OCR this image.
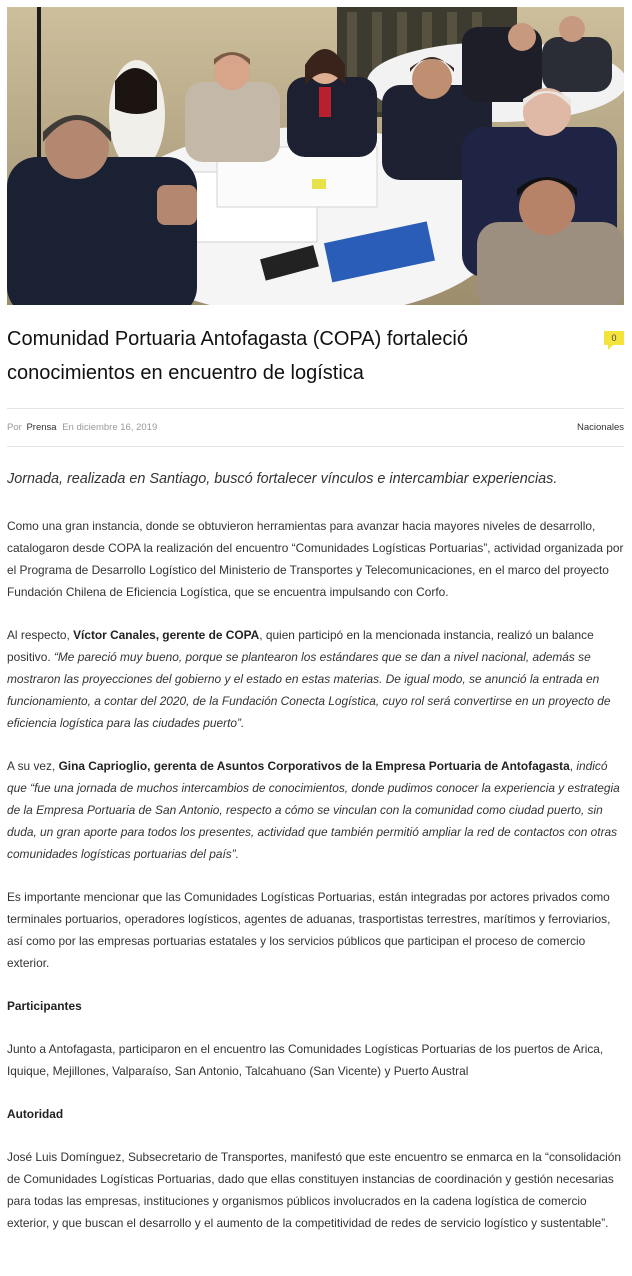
Comunidad Portuaria Antofagasta (COPA) fortaleció conocimientos en encuentro de logística
0
Por Prensa En diciembre 16, 2019	Nacionales

Jornada, realizada en Santiago, buscó fortalecer vínculos e intercambiar experiencias.

Como una gran instancia, donde se obtuvieron herramientas para avanzar hacia mayores niveles de desarrollo, catalogaron desde COPA la realización del encuentro “Comunidades Logísticas Portuarias”, actividad organizada por el Programa de Desarrollo Logístico del Ministerio de Transportes y Telecomunicaciones, en el marco del proyecto Fundación Chilena de Eficiencia Logística, que se encuentra impulsando con Corfo.

Al respecto, Víctor Canales, gerente de COPA, quien participó en la mencionada instancia, realizó un balance positivo. “Me pareció muy bueno, porque se plantearon los estándares que se dan a nivel nacional, además se mostraron las proyecciones del gobierno y el estado en estas materias. De igual modo, se anunció la entrada en funcionamiento, a contar del 2020, de la Fundación Conecta Logística, cuyo rol será convertirse en un proyecto de eficiencia logística para las ciudades puerto”.

A su vez, Gina Caprioglio, gerenta de Asuntos Corporativos de la Empresa Portuaria de Antofagasta, indicó que “fue una jornada de muchos intercambios de conocimientos, donde pudimos conocer la experiencia y estrategia de la Empresa Portuaria de San Antonio, respecto a cómo se vinculan con la comunidad como ciudad puerto, sin duda, un gran aporte para todos los presentes, actividad que también permitió ampliar la red de contactos con otras comunidades logísticas portuarias del país”.

Es importante mencionar que las Comunidades Logísticas Portuarias, están integradas por actores privados como terminales portuarios, operadores logísticos, agentes de aduanas, trasportistas terrestres, marítimos y ferroviarios, así como por las empresas portuarias estatales y los servicios públicos que participan el proceso de comercio exterior.

Participantes

Junto a Antofagasta, participaron en el encuentro las Comunidades Logísticas Portuarias de los puertos de Arica, Iquique, Mejillones, Valparaíso, San Antonio, Talcahuano (San Vicente) y Puerto Austral

Autoridad

José Luis Domínguez, Subsecretario de Transportes, manifestó que este encuentro se enmarca en la “consolidación de Comunidades Logísticas Portuarias, dado que ellas constituyen instancias de coordinación y gestión necesarias para todas las empresas, instituciones y organismos públicos involucrados en la cadena logística de comercio exterior, y que buscan el desarrollo y el aumento de la competitividad de redes de servicio logístico y sustentable”.
